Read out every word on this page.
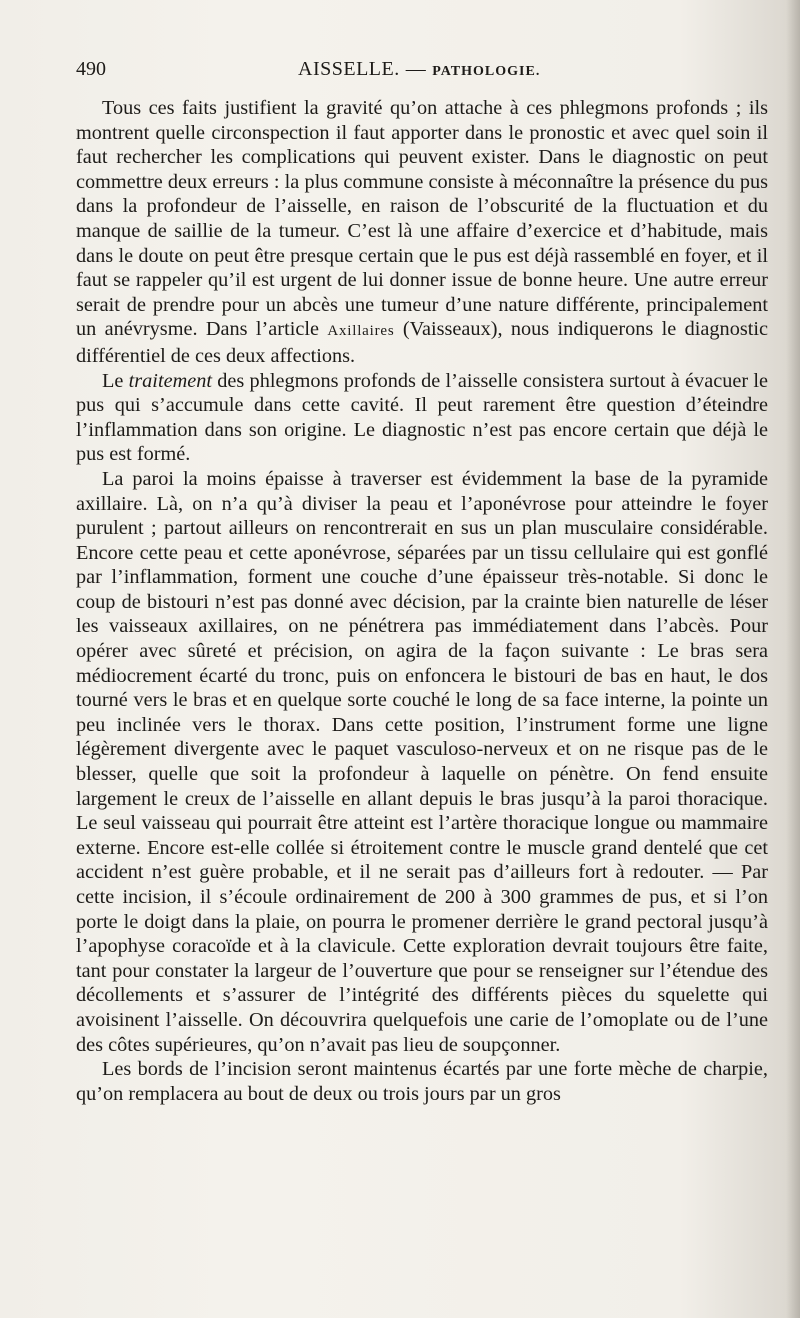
490	AISSELLE. — PATHOLOGIE.

Tous ces faits justifient la gravité qu’on attache à ces phlegmons profonds ; ils montrent quelle circonspection il faut apporter dans le pronostic et avec quel soin il faut rechercher les complications qui peuvent exister. Dans le diagnostic on peut commettre deux erreurs : la plus commune consiste à méconnaître la présence du pus dans la profondeur de l’aisselle, en raison de l’obscurité de la fluctuation et du manque de saillie de la tumeur. C’est là une affaire d’exercice et d’habitude, mais dans le doute on peut être presque certain que le pus est déjà rassemblé en foyer, et il faut se rappeler qu’il est urgent de lui donner issue de bonne heure. Une autre erreur serait de prendre pour un abcès une tumeur d’une nature différente, principalement un anévrysme. Dans l’article Axillaires (Vaisseaux), nous indiquerons le diagnostic différentiel de ces deux affections.

Le traitement des phlegmons profonds de l’aisselle consistera surtout à évacuer le pus qui s’accumule dans cette cavité. Il peut rarement être question d’éteindre l’inflammation dans son origine. Le diagnostic n’est pas encore certain que déjà le pus est formé.

La paroi la moins épaisse à traverser est évidemment la base de la pyramide axillaire. Là, on n’a qu’à diviser la peau et l’aponévrose pour atteindre le foyer purulent ; partout ailleurs on rencontrerait en sus un plan musculaire considérable. Encore cette peau et cette aponévrose, séparées par un tissu cellulaire qui est gonflé par l’inflammation, forment une couche d’une épaisseur très-notable. Si donc le coup de bistouri n’est pas donné avec décision, par la crainte bien naturelle de léser les vaisseaux axillaires, on ne pénétrera pas immédiatement dans l’abcès. Pour opérer avec sûreté et précision, on agira de la façon suivante : Le bras sera médiocrement écarté du tronc, puis on enfoncera le bistouri de bas en haut, le dos tourné vers le bras et en quelque sorte couché le long de sa face interne, la pointe un peu inclinée vers le thorax. Dans cette position, l’instrument forme une ligne légèrement divergente avec le paquet vasculoso-nerveux et on ne risque pas de le blesser, quelle que soit la profondeur à laquelle on pénètre. On fend ensuite largement le creux de l’aisselle en allant depuis le bras jusqu’à la paroi thoracique. Le seul vaisseau qui pourrait être atteint est l’artère thoracique longue ou mammaire externe. Encore est-elle collée si étroitement contre le muscle grand dentelé que cet accident n’est guère probable, et il ne serait pas d’ailleurs fort à redouter. — Par cette incision, il s’écoule ordinairement de 200 à 300 grammes de pus, et si l’on porte le doigt dans la plaie, on pourra le promener derrière le grand pectoral jusqu’à l’apophyse coracoïde et à la clavicule. Cette exploration devrait toujours être faite, tant pour constater la largeur de l’ouverture que pour se renseigner sur l’étendue des décollements et s’assurer de l’intégrité des différents pièces du squelette qui avoisinent l’aisselle. On découvrira quelquefois une carie de l’omoplate ou de l’une des côtes supérieures, qu’on n’avait pas lieu de soupçonner.

Les bords de l’incision seront maintenus écartés par une forte mèche de charpie, qu’on remplacera au bout de deux ou trois jours par un gros
